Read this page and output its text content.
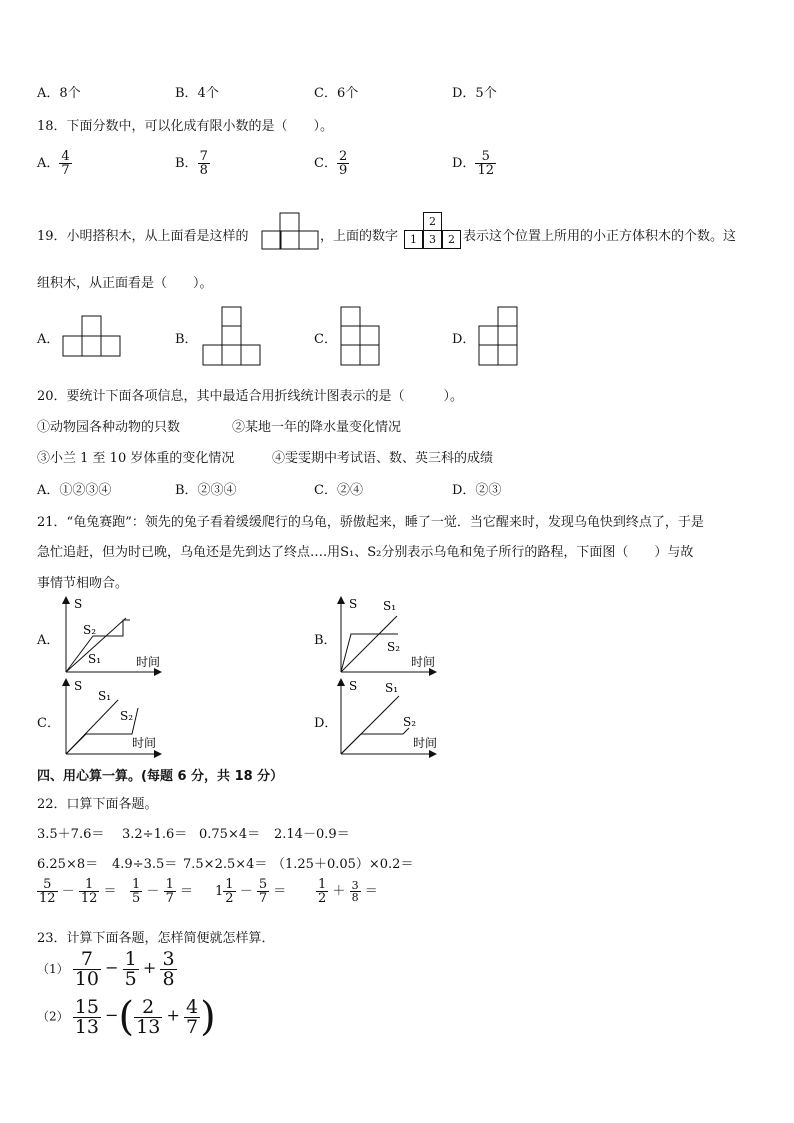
A．8个	B．4个	C．6个	D．5个
18．下面分数中，可以化成有限小数的是（　　）。
A． $\frac{4}{7}$	B． $\frac{7}{8}$	C． $\frac{2}{9}$	D． $\frac{5}{12}$
19．小明搭积木，从上面看是这样的	，上面的数字
2
1	3	2 表示这个位置上所用的小正方体积木的个数。这
组积木，从正面看是（　　）。
A．	B．	C．	D．
20．要统计下面各项信息，其中最适合用折线统计图表示的是（　　　）。
①动物园各种动物的只数	②某地一年的降水量变化情况
③小兰 1 至 10 岁体重的变化情况	④雯雯期中考试语、数、英三科的成绩
A．①②③④	B．②③④	C．②④	D．②③
21．“龟兔赛跑”：领先的兔子看着缓缓爬行的乌龟，骄傲起来，睡了一觉．当它醒来时，发现乌龟快到终点了，于是
急忙追赶，但为时已晚，乌龟还是先到达了终点….用S₁、S₂分别表示乌龟和兔子所行的路程，下面图（　　）与故
事情节相吻合。
A．
S
S₂
S₁	时间
B．
S S₁
S₂
时间
C．
S
S₁
S₂
时间
D．
S S₁
S₂
时间
四、用心算一算。(每题 6 分，共 18 分）
22．口算下面各题。
3.5＋7.6＝ 3.2÷1.6＝ 0.75×4＝ 2.14－0.9＝
6.25×8＝ 4.9÷3.5＝ 7.5×2.5×4＝ （1.25＋0.05）×0.2＝
$\frac{5}{12} - \frac{1}{12} = \frac{1}{5} - \frac{1}{7} = 1 \frac{1}{2} - \frac{5}{7} = \frac{1}{2} + \frac{3}{8}$ ＝
23．计算下面各题，怎样简便就怎样算．
$(1) \frac{7}{10} - \frac{1}{5} + \frac{3}{8}$
$(2) \frac{15}{13}$ −( $\frac{2}{13} + \frac{4}{7}$ )
